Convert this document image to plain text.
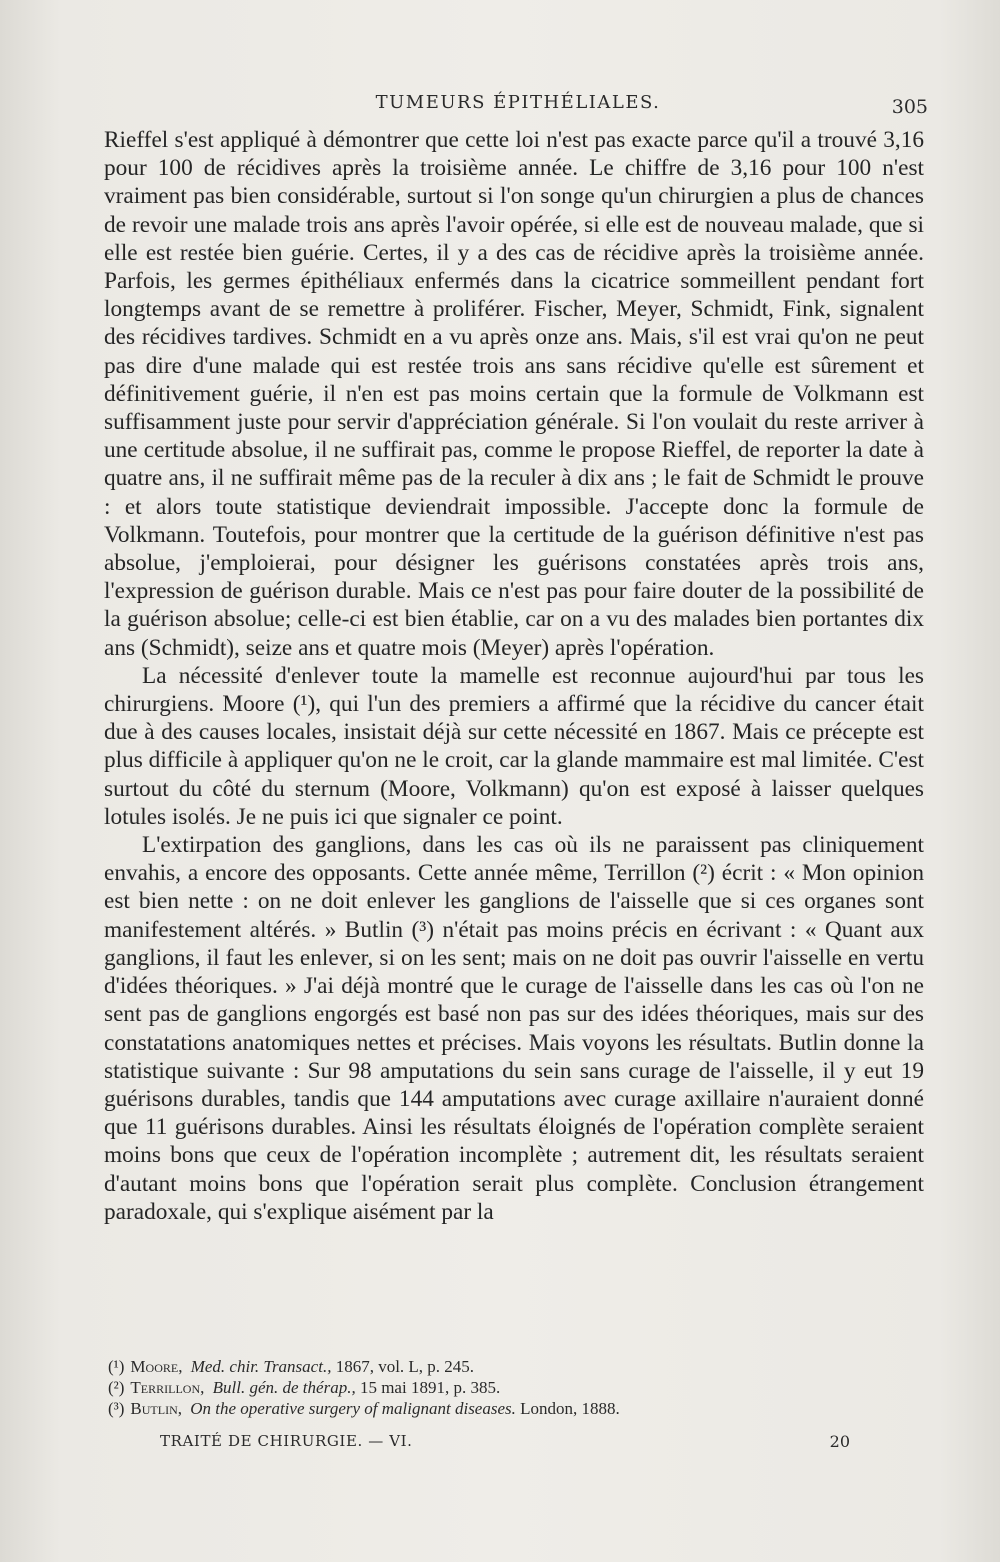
TUMEURS ÉPITHÉLIALES.	305

Rieffel s'est appliqué à démontrer que cette loi n'est pas exacte parce qu'il a trouvé 3,16 pour 100 de récidives après la troisième année. Le chiffre de 3,16 pour 100 n'est vraiment pas bien considérable, surtout si l'on songe qu'un chirurgien a plus de chances de revoir une malade trois ans après l'avoir opérée, si elle est de nouveau malade, que si elle est restée bien guérie. Certes, il y a des cas de récidive après la troisième année. Parfois, les germes épithéliaux enfermés dans la cicatrice sommeillent pendant fort longtemps avant de se remettre à proliférer. Fischer, Meyer, Schmidt, Fink, signalent des récidives tardives. Schmidt en a vu après onze ans. Mais, s'il est vrai qu'on ne peut pas dire d'une malade qui est restée trois ans sans récidive qu'elle est sûrement et définitivement guérie, il n'en est pas moins certain que la formule de Volkmann est suffisamment juste pour servir d'appréciation générale. Si l'on voulait du reste arriver à une certitude absolue, il ne suffirait pas, comme le propose Rieffel, de reporter la date à quatre ans, il ne suffirait même pas de la reculer à dix ans ; le fait de Schmidt le prouve : et alors toute statistique deviendrait impossible. J'accepte donc la formule de Volkmann. Toutefois, pour montrer que la certitude de la guérison définitive n'est pas absolue, j'emploierai, pour désigner les guérisons constatées après trois ans, l'expression de guérison durable. Mais ce n'est pas pour faire douter de la possibilité de la guérison absolue; celle-ci est bien établie, car on a vu des malades bien portantes dix ans (Schmidt), seize ans et quatre mois (Meyer) après l'opération.

La nécessité d'enlever toute la mamelle est reconnue aujourd'hui par tous les chirurgiens. Moore (¹), qui l'un des premiers a affirmé que la récidive du cancer était due à des causes locales, insistait déjà sur cette nécessité en 1867. Mais ce précepte est plus difficile à appliquer qu'on ne le croit, car la glande mammaire est mal limitée. C'est surtout du côté du sternum (Moore, Volkmann) qu'on est exposé à laisser quelques lotules isolés. Je ne puis ici que signaler ce point.

L'extirpation des ganglions, dans les cas où ils ne paraissent pas cliniquement envahis, a encore des opposants. Cette année même, Terrillon (²) écrit : « Mon opinion est bien nette : on ne doit enlever les ganglions de l'aisselle que si ces organes sont manifestement altérés. » Butlin (³) n'était pas moins précis en écrivant : « Quant aux ganglions, il faut les enlever, si on les sent; mais on ne doit pas ouvrir l'aisselle en vertu d'idées théoriques. » J'ai déjà montré que le curage de l'aisselle dans les cas où l'on ne sent pas de ganglions engorgés est basé non pas sur des idées théoriques, mais sur des constatations anatomiques nettes et précises. Mais voyons les résultats. Butlin donne la statistique suivante : Sur 98 amputations du sein sans curage de l'aisselle, il y eut 19 guérisons durables, tandis que 144 amputations avec curage axillaire n'auraient donné que 11 guérisons durables. Ainsi les résultats éloignés de l'opération complète seraient moins bons que ceux de l'opération incomplète ; autrement dit, les résultats seraient d'autant moins bons que l'opération serait plus complète. Conclusion étrangement paradoxale, qui s'explique aisément par la

(¹) Moore, Med. chir. Transact., 1867, vol. L, p. 245.
(²) Terrillon, Bull. gén. de thérap., 15 mai 1891, p. 385.
(³) Butlin, On the operative surgery of malignant diseases. London, 1888.
TRAITÉ DE CHIRURGIE. — VI.	20
